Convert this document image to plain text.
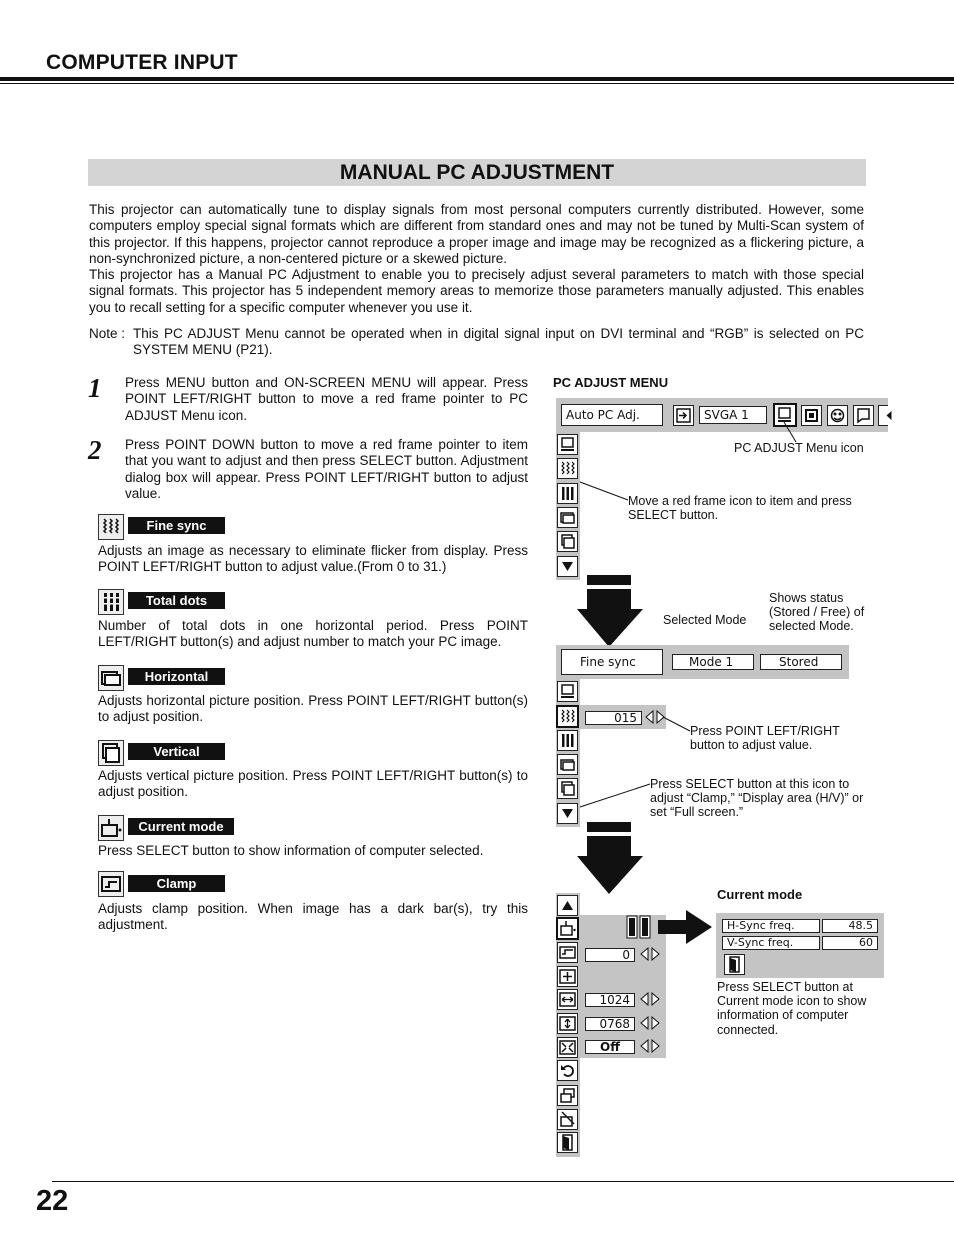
COMPUTER INPUT
MANUAL PC ADJUSTMENT

This projector can automatically tune to display signals from most personal computers currently distributed. However, some computers employ special signal formats which are different from standard ones and may not be tuned by Multi-Scan system of this projector. If this happens, projector cannot reproduce a proper image and image may be recognized as a flickering picture, a non-synchronized picture, a non-centered picture or a skewed picture.

This projector has a Manual PC Adjustment to enable you to precisely adjust several parameters to match with those special signal formats. This projector has 5 independent memory areas to memorize those parameters manually adjusted. This enables you to recall setting for a specific computer whenever you use it.

Note : This PC ADJUST Menu cannot be operated when in digital signal input on DVI terminal and “RGB” is selected on PC SYSTEM MENU (P21).
1 Press MENU button and ON-SCREEN MENU will appear. Press POINT LEFT/RIGHT button to move a red frame pointer to PC ADJUST Menu icon.
2 Press POINT DOWN button to move a red frame pointer to item that you want to adjust and then press SELECT button. Adjustment dialog box will appear. Press POINT LEFT/RIGHT button to adjust value.
Fine sync
Adjusts an image as necessary to eliminate flicker from display. Press POINT LEFT/RIGHT button to adjust value.(From 0 to 31.)
Total dots
Number of total dots in one horizontal period. Press POINT LEFT/RIGHT button(s) and adjust number to match your PC image.
Horizontal
Adjusts horizontal picture position. Press POINT LEFT/RIGHT button(s) to adjust position.
Vertical
Adjusts vertical picture position. Press POINT LEFT/RIGHT button(s) to adjust position.
Current mode
Press SELECT button to show information of computer selected.
Clamp
Adjusts clamp position. When image has a dark bar(s), try this adjustment.
PC ADJUST MENU
Auto PC Adj.	SVGA 1
PC ADJUST Menu icon
Move a red frame icon to item and press SELECT button.
Selected Mode
Shows status (Stored / Free) of selected Mode.
Fine sync	Mode 1	Stored
015
Press POINT LEFT/RIGHT button to adjust value.
Press SELECT button at this icon to adjust “Clamp,” “Display area (H/V)” or set “Full screen.”
0
1024
0768
Off
Current mode
H-Sync freq.	48.5
V-Sync freq.	60
Press SELECT button at Current mode icon to show information of computer connected.
22
